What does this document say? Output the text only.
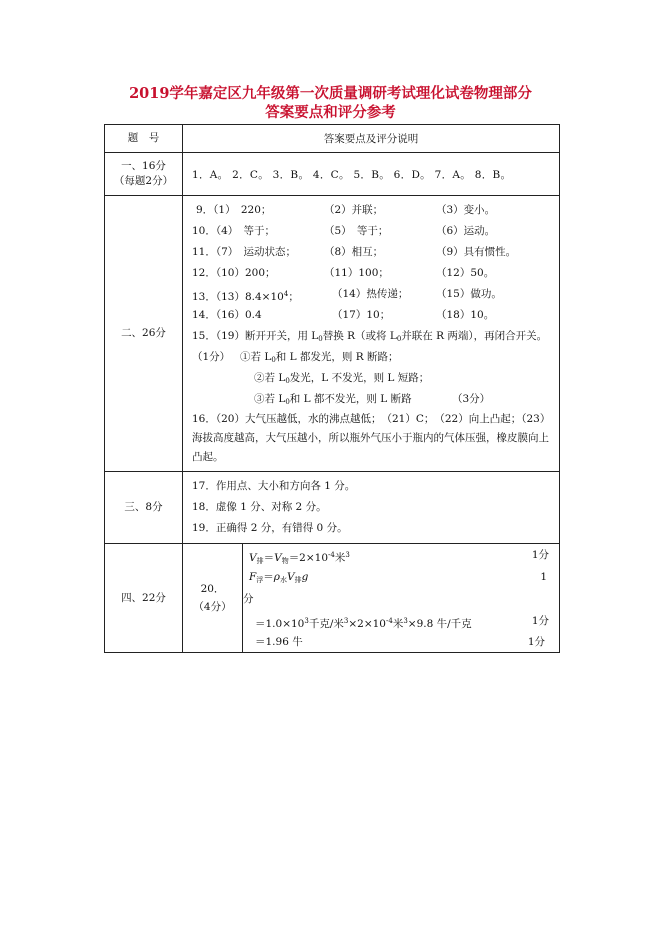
2019学年嘉定区九年级第一次质量调研考试理化试卷物理部分
答案要点和评分参考
题　号	答案要点及评分说明

一、16分
（每题2分）

1．A。 2．C。 3．B。 4．C。 5．B。 6．D。 7．A。 8．B。

二、26分	
9．（1）　220；	（2）并联；	（3）变小。
10．（4）　等于；	（5）　等于；	（6）运动。
11．（7）　运动状态；	（8）相互；	（9）具有惯性。
12．（10）200；	（11）100；	（12）50。
13．$(13)8.4\times 10^4$；	（14）热传递；	（15）做功。
14．（16）0.4	（17）10；	（18）10。
15．（19）断开开关，用 $L_0$替换 R（或将 $L_0$并联在 R 两端），再闭合开关。
（1分） ①若 $L_0$和 L 都发光，则 R 断路；
②若 $L_0$发光，L 不发光，则 L 短路；
③若 $L_0$和 L 都不发光，则 L 断路	（3分）
16．（20）大气压越低，水的沸点越低；　（21）C；　（22）向上凸起；（23）海拔高度越高，大气压越小，所以瓶外气压小于瓶内的气体压强，橡皮膜向上凸起。

三、8分	
17．作用点、大小和方向各 1 分。
18．虚像 1 分、对称 2 分。
19．正确得 2 分，有错得 0 分。

四、22分	
20．
（4分）

$V_排=V_物=2\times 10^{-4}$米$^3$	1分
$F_浮=\rho_水V_排g$	1
分
$=1.0\times 10^3$千克/米$^3\times 2\times 10^{-4}$米$^3$×9.8 牛/千克	1分
＝1.96 牛	1分
